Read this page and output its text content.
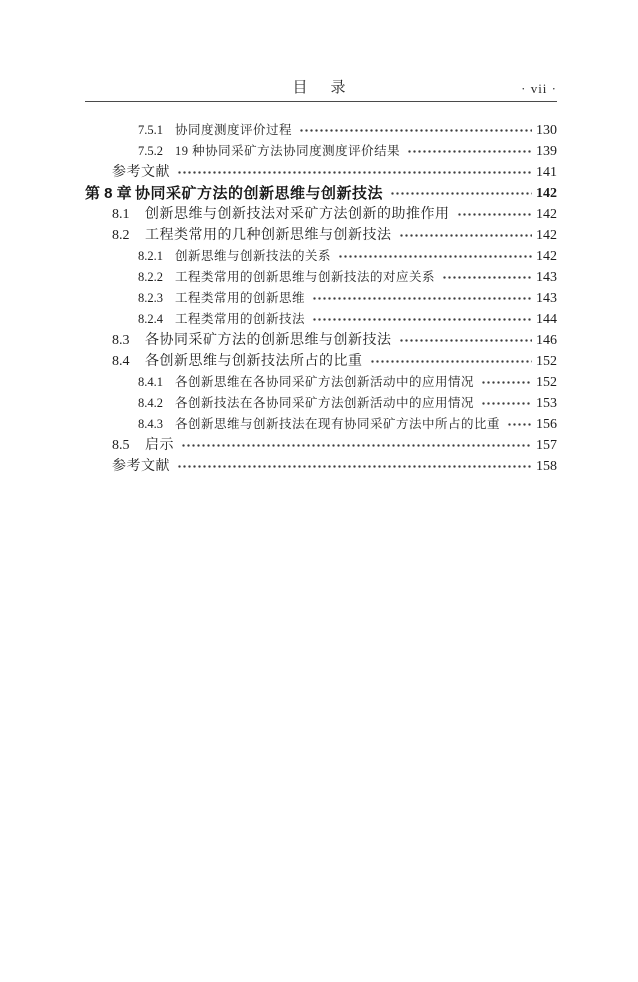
目　录	· vii ·
7.5.1 协同度测度评价过程	130
7.5.2 19 种协同采矿方法协同度测度评价结果	139
参考文献	141
第 8 章 协同采矿方法的创新思维与创新技法	142
8.1	创新思维与创新技法对采矿方法创新的助推作用	142
8.2	工程类常用的几种创新思维与创新技法	142
8.2.1 创新思维与创新技法的关系	142
8.2.2 工程类常用的创新思维与创新技法的对应关系	143
8.2.3 工程类常用的创新思维	143
8.2.4 工程类常用的创新技法	144
8.3	各协同采矿方法的创新思维与创新技法	146
8.4	各创新思维与创新技法所占的比重	152
8.4.1 各创新思维在各协同采矿方法创新活动中的应用情况	152
8.4.2 各创新技法在各协同采矿方法创新活动中的应用情况	153
8.4.3 各创新思维与创新技法在现有协同采矿方法中所占的比重	156
8.5	启示	157
参考文献	158
